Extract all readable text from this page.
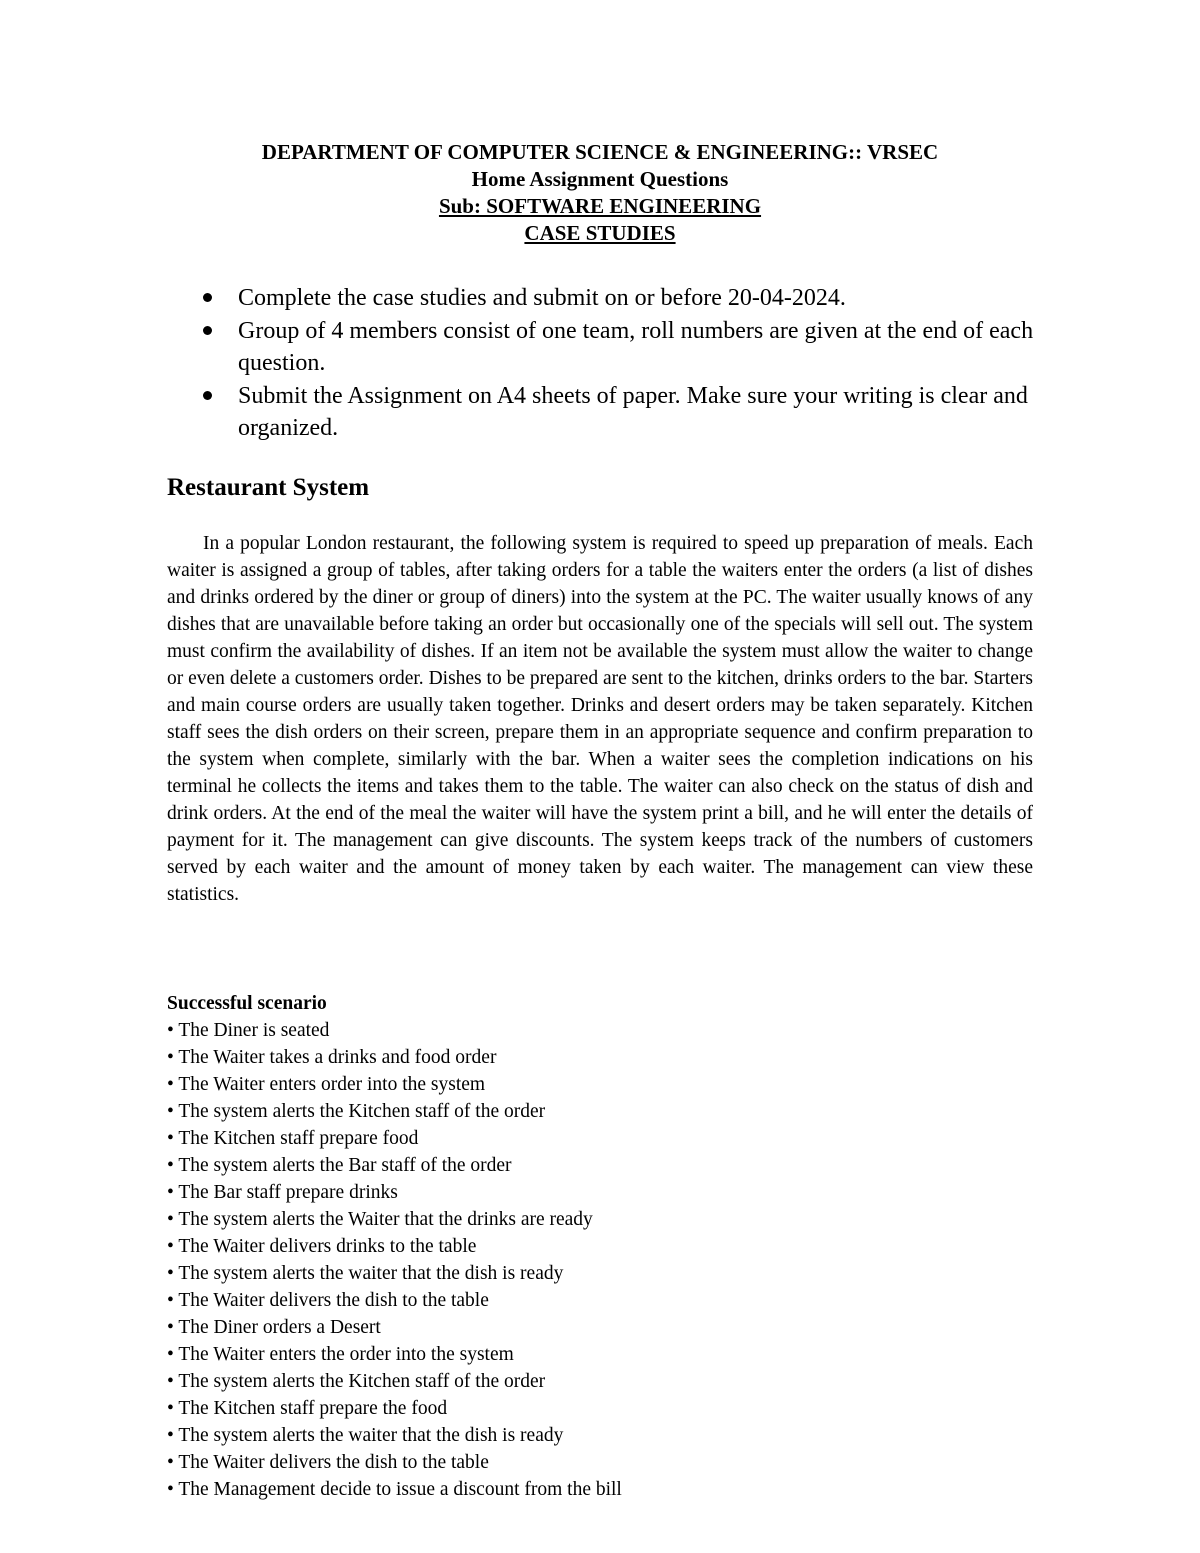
DEPARTMENT OF COMPUTER SCIENCE & ENGINEERING:: VRSEC
Home Assignment Questions
Sub: SOFTWARE ENGINEERING
CASE STUDIES
Complete the case studies and submit on or before 20-04-2024.
Group of 4 members consist of one team, roll numbers are given at the end of each question.
Submit the Assignment on A4 sheets of paper. Make sure your writing is clear and organized.
Restaurant System

In a popular London restaurant, the following system is required to speed up preparation of meals. Each waiter is assigned a group of tables, after taking orders for a table the waiters enter the orders (a list of dishes and drinks ordered by the diner or group of diners) into the system at the PC. The waiter usually knows of any dishes that are unavailable before taking an order but occasionally one of the specials will sell out. The system must confirm the availability of dishes. If an item not be available the system must allow the waiter to change or even delete a customers order. Dishes to be prepared are sent to the kitchen, drinks orders to the bar. Starters and main course orders are usually taken together. Drinks and desert orders may be taken separately. Kitchen staff sees the dish orders on their screen, prepare them in an appropriate sequence and confirm preparation to the system when complete, similarly with the bar. When a waiter sees the completion indications on his terminal he collects the items and takes them to the table. The waiter can also check on the status of dish and drink orders. At the end of the meal the waiter will have the system print a bill, and he will enter the details of payment for it. The management can give discounts. The system keeps track of the numbers of customers served by each waiter and the amount of money taken by each waiter. The management can view these statistics.

Successful scenario
• The Diner is seated
• The Waiter takes a drinks and food order
• The Waiter enters order into the system
• The system alerts the Kitchen staff of the order
• The Kitchen staff prepare food
• The system alerts the Bar staff of the order
• The Bar staff prepare drinks
• The system alerts the Waiter that the drinks are ready
• The Waiter delivers drinks to the table
• The system alerts the waiter that the dish is ready
• The Waiter delivers the dish to the table
• The Diner orders a Desert
• The Waiter enters the order into the system
• The system alerts the Kitchen staff of the order
• The Kitchen staff prepare the food
• The system alerts the waiter that the dish is ready
• The Waiter delivers the dish to the table
• The Management decide to issue a discount from the bill
